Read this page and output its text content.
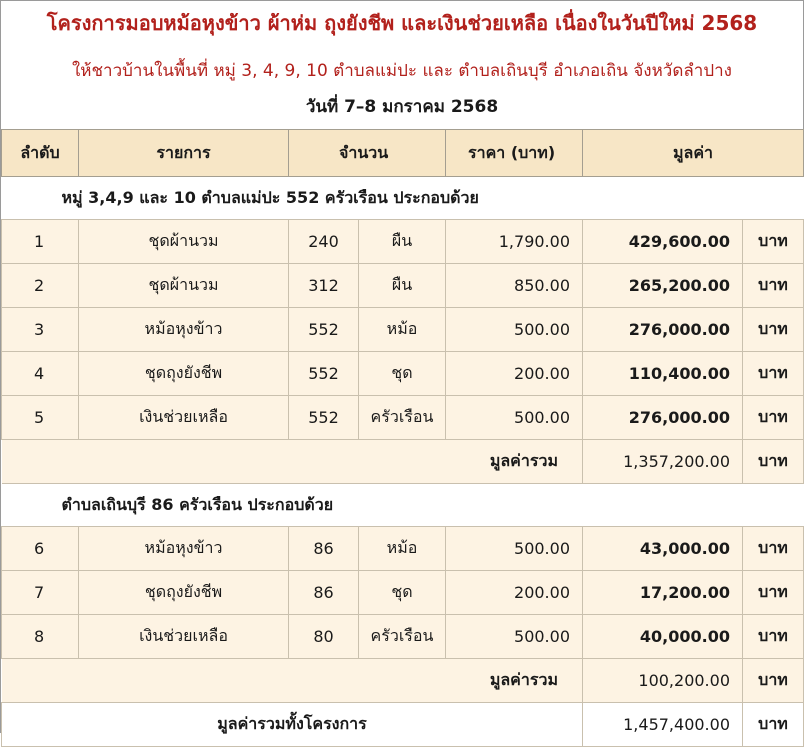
โครงการมอบหม้อหุงข้าว ผ้าห่ม ถุงยังชีพ และเงินช่วยเหลือ เนื่องในวันปีใหม่ 2568
ให้ชาวบ้านในพื้นที่ หมู่ 3, 4, 9, 10 ตำบลแม่ปะ และ ตำบลเถินบุรี อำเภอเถิน จังหวัดลำปาง
วันที่ 7–8 มกราคม 2568
ลำดับ	รายการ	จำนวน		ราคา (บาท)	มูลค่า	
หมู่ 3,4,9 และ 10 ตำบลแม่ปะ 552 ครัวเรือน ประกอบด้วย						
1	ชุดผ้านวม	240	ผืน	1,790.00	429,600.00	บาท
2	ชุดผ้านวม	312	ผืน	850.00	265,200.00	บาท
3	หม้อหุงข้าว	552	หม้อ	500.00	276,000.00	บาท
4	ชุดถุงยังชีพ	552	ชุด	200.00	110,400.00	บาท
5	เงินช่วยเหลือ	552	ครัวเรือน	500.00	276,000.00	บาท
มูลค่ารวม					1,357,200.00	บาท
ตำบลเถินบุรี 86 ครัวเรือน ประกอบด้วย						
6	หม้อหุงข้าว	86	หม้อ	500.00	43,000.00	บาท
7	ชุดถุงยังชีพ	86	ชุด	200.00	17,200.00	บาท
8	เงินช่วยเหลือ	80	ครัวเรือน	500.00	40,000.00	บาท
มูลค่ารวม					100,200.00	บาท
มูลค่ารวมทั้งโครงการ					1,457,400.00	บาท
